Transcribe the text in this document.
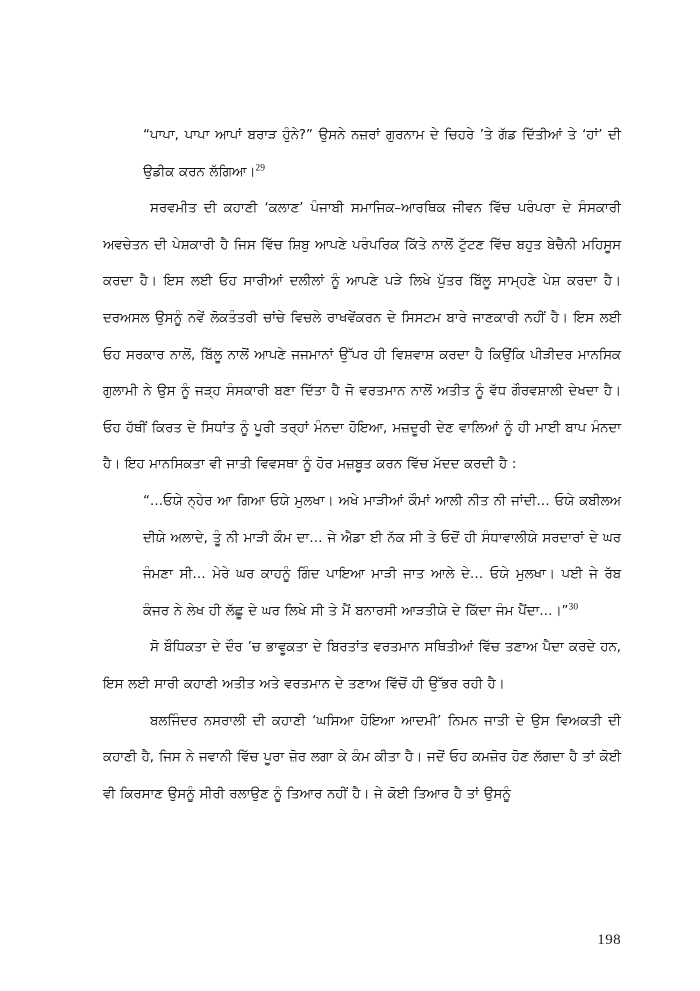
“ਪਾਪਾ, ਪਾਪਾ ਆਪਾਂ ਬਰਾੜ ਹੁੰਨੇ?” ਉਸਨੇ ਨਜ਼ਰਾਂ ਗੁਰਨਾਮ ਦੇ ਚਿਹਰੇ ’ਤੇ ਗੱਡ ਦਿੱਤੀਆਂ ਤੇ ‘ਹਾਂ’ ਦੀ ਉਡੀਕ ਕਰਨ ਲੱਗਿਆ।$^{29}$

ਸਰਵਮੀਤ ਦੀ ਕਹਾਣੀ ‘ਕਲਾਣ’ ਪੰਜਾਬੀ ਸਮਾਜਿਕ–ਆਰਥਿਕ ਜੀਵਨ ਵਿੱਚ ਪਰੰਪਰਾ ਦੇ ਸੰਸਕਾਰੀ ਅਵਚੇਤਨ ਦੀ ਪੇਸ਼ਕਾਰੀ ਹੈ ਜਿਸ ਵਿੱਚ ਸ਼ਿਬੁ ਆਪਣੇ ਪਰੰਪਰਿਕ ਕਿੱਤੇ ਨਾਲੋਂ ਟੁੱਟਣ ਵਿੱਚ ਬਹੁਤ ਬੇਚੈਨੀ ਮਹਿਸੂਸ ਕਰਦਾ ਹੈ। ਇਸ ਲਈ ਓਹ ਸਾਰੀਆਂ ਦਲੀਲਾਂ ਨੂੰ ਆਪਣੇ ਪੜੇ ਲਿਖੇ ਪੁੱਤਰ ਬਿੱਲੂ ਸਾਮ੍ਹਣੇ ਪੇਸ਼ ਕਰਦਾ ਹੈ। ਦਰਅਸਲ ਉਸਨੂੰ ਨਵੇਂ ਲੋਕਤੰਤਰੀ ਚਾਂਚੇ ਵਿਚਲੇ ਰਾਖਵੇਂਕਰਨ ਦੇ ਸਿਸਟਮ ਬਾਰੇ ਜਾਣਕਾਰੀ ਨਹੀਂ ਹੈ। ਇਸ ਲਈ ਓਹ ਸਰਕਾਰ ਨਾਲੋਂ, ਬਿੱਲੂ ਨਾਲੋਂ ਆਪਣੇ ਜਜਮਾਨਾਂ ਉੱਪਰ ਹੀ ਵਿਸ਼ਵਾਸ਼ ਕਰਦਾ ਹੈ ਕਿਉਂਕਿ ਪੀੜੀਦਰ ਮਾਨਸਿਕ ਗੁਲਾਮੀ ਨੇ ਉਸ ਨੂੰ ਜੜ੍ਹ ਸੰਸਕਾਰੀ ਬਣਾ ਦਿੱਤਾ ਹੈ ਜੋ ਵਰਤਮਾਨ ਨਾਲੋਂ ਅਤੀਤ ਨੂੰ ਵੱਧ ਗੌਰਵਸ਼ਾਲੀ ਦੇਖਦਾ ਹੈ। ਓਹ ਹੱਥੀਂ ਕਿਰਤ ਦੇ ਸਿਧਾਂਤ ਨੂੰ ਪੂਰੀ ਤਰ੍ਹਾਂ ਮੰਨਦਾ ਹੋਇਆ, ਮਜ਼ਦੂਰੀ ਦੇਣ ਵਾਲਿਆਂ ਨੂੰ ਹੀ ਮਾਈ ਬਾਪ ਮੰਨਦਾ ਹੈ। ਇਹ ਮਾਨਸਿਕਤਾ ਵੀ ਜਾਤੀ ਵਿਵਸਥਾ ਨੂੰ ਹੋਰ ਮਜ਼ਬੂਤ ਕਰਨ ਵਿੱਚ ਮੱਦਦ ਕਰਦੀ ਹੈ :

“…ਓਯੇ ਨ੍ਹੇਰ ਆ ਗਿਆ ਓਯੇ ਮੁਲਖਾ। ਅਖੇ ਮਾੜੀਆਂ ਕੌਮਾਂ ਆਲੀ ਨੀਤ ਨੀ ਜਾਂਦੀ… ਓਯੇ ਕਬੀਲਅ ਦੀਯੇ ਅਲਾਦੇ, ਤੂੰ ਨੀ ਮਾੜੀ ਕੌਮ ਦਾ… ਜੇ ਐਡਾ ਈ ਨੱਕ ਸੀ ਤੇ ਓਦੋਂ ਹੀ ਸੰਧਾਵਾਲੀਯੇ ਸਰਦਾਰਾਂ ਦੇ ਘਰ ਜੰਮਣਾ ਸੀ… ਮੇਰੇ ਘਰ ਕਾਹਨੂੰ ਗਿੰਦ ਪਾਇਆ ਮਾੜੀ ਜਾਤ ਆਲੇ ਦੇ… ਓਯੇ ਮੁਲਖਾ। ਪਈ ਜੇ ਰੱਬ ਕੰਜਰ ਨੇ ਲੇਖ ਹੀ ਲੱਛੂ ਦੇ ਘਰ ਲਿਖੇ ਸੀ ਤੇ ਮੈਂ ਬਨਾਰਸੀ ਆੜਤੀਯੇ ਦੇ ਕਿੱਦਾ ਜੰਮ ਪੈਂਦਾ…।”$^{30}$

ਸੋ ਬੌਧਿਕਤਾ ਦੇ ਦੌਰ ’ਚ ਭਾਵੂਕਤਾ ਦੇ ਬਿਰਤਾਂਤ ਵਰਤਮਾਨ ਸਥਿਤੀਆਂ ਵਿੱਚ ਤਣਾਅ ਪੈਦਾ ਕਰਦੇ ਹਨ, ਇਸ ਲਈ ਸਾਰੀ ਕਹਾਣੀ ਅਤੀਤ ਅਤੇ ਵਰਤਮਾਨ ਦੇ ਤਣਾਅ ਵਿੱਚੋਂ ਹੀ ਉੱਭਰ ਰਹੀ ਹੈ।

ਬਲਜਿੰਦਰ ਨਸਰਾਲੀ ਦੀ ਕਹਾਣੀ ‘ਘਸਿਆ ਹੋਇਆ ਆਦਮੀ’ ਨਿਮਨ ਜਾਤੀ ਦੇ ਉਸ ਵਿਅਕਤੀ ਦੀ ਕਹਾਣੀ ਹੈ, ਜਿਸ ਨੇ ਜਵਾਨੀ ਵਿੱਚ ਪੂਰਾ ਜ਼ੋਰ ਲਗਾ ਕੇ ਕੰਮ ਕੀਤਾ ਹੈ। ਜਦੋਂ ਓਹ ਕਮਜ਼ੋਰ ਹੋਣ ਲੱਗਦਾ ਹੈ ਤਾਂ ਕੋਈ ਵੀ ਕਿਰਸਾਣ ਉਸਨੂੰ ਸੀਰੀ ਰਲਾਉਣ ਨੂੰ ਤਿਆਰ ਨਹੀਂ ਹੈ। ਜੇ ਕੋਈ ਤਿਆਰ ਹੈ ਤਾਂ ਉਸਨੂੰ

198
